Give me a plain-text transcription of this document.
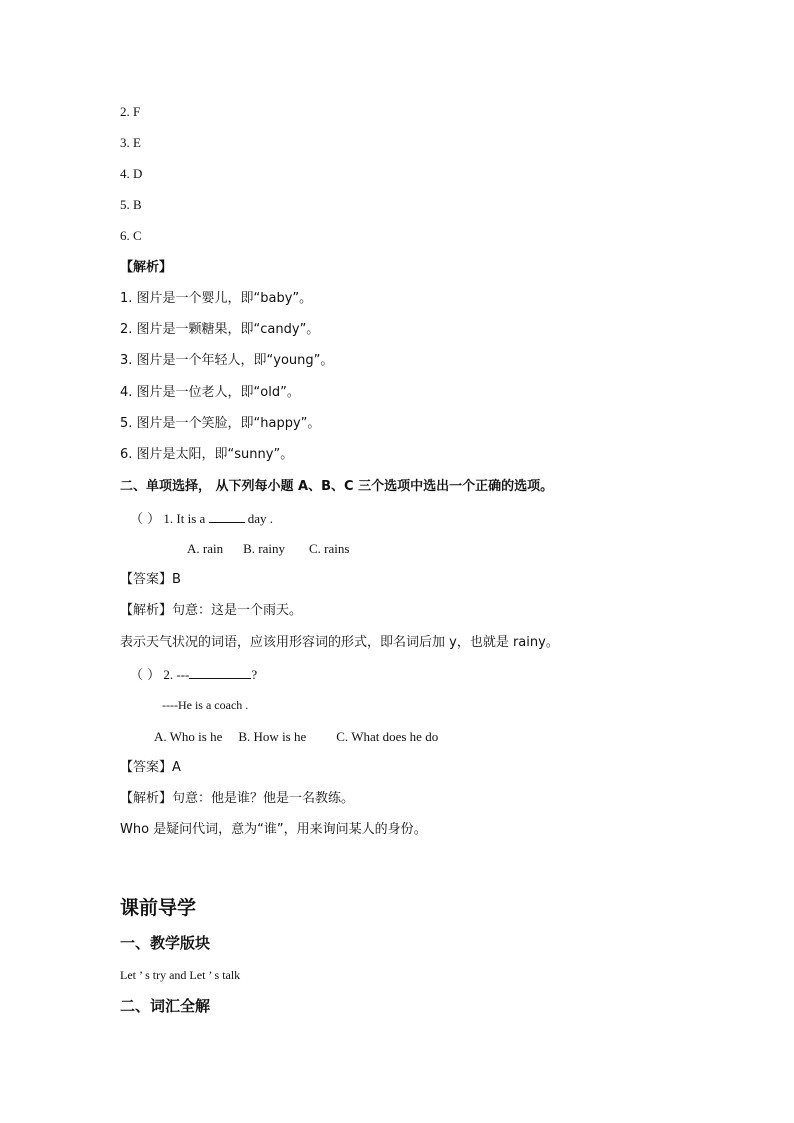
2. F
3. E
4. D
5. B
6. C
【解析】
1. 图片是一个婴儿，即“baby”。
2. 图片是一颗糖果，即“candy”。
3. 图片是一个年轻人，即“young”。
4. 图片是一位老人，即“old”。
5. 图片是一个笑脸，即“happy”。
6. 图片是太阳，即“sunny”。
二、单项选择， 从下列每小题 A、B、C 三个选项中选出一个正确的选项。
（ ） 1. It is a	day .
A. rain B. rainy C. rains
【答案】B
【解析】句意：这是一个雨天。
表示天气状况的词语，应该用形容词的形式，即名词后加 y，也就是 rainy。
（ ） 2. ---	?
----He is a coach .
A. Who is he B. How is he C. What does he do
【答案】A
【解析】句意：他是谁？他是一名教练。
Who 是疑问代词，意为“谁”，用来询问某人的身份。
课前导学
一、教学版块
Let ’ s try and Let ’ s talk
二、词汇全解
